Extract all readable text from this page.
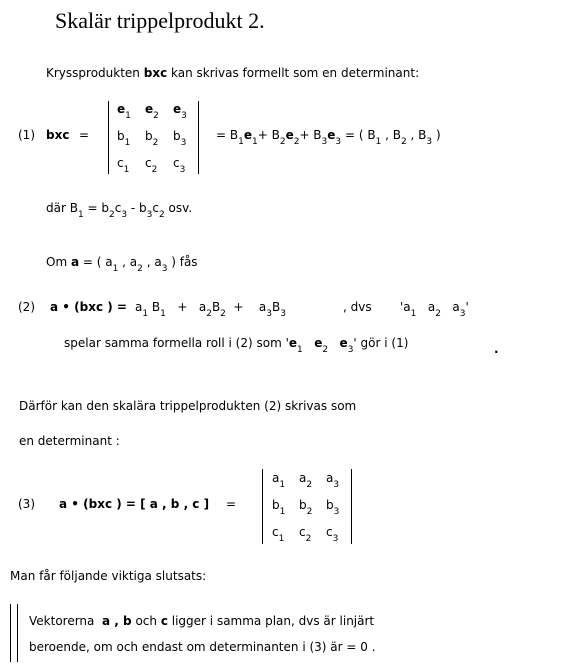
Skalär trippelprodukt 2.
Kryssprodukten bxc kan skrivas formellt som en determinant:
(1) bxc =
$e_1$	$e_2$	$e_3$
$b_1$	$b_2$	$b_3$
$c_1$	$c_2$	$c_3$
= $B_1e_1+ B_2e_2+ B_3e_3$ = ( $B_1$ , $B_2$ , $B_3$ )
där $B_1 = b_2c_3 - b_3c_2$ osv.
Om a = ( $a_1$ , $a_2$ , $a_3$ ) fås
(2) a • (bxc ) = $a_1$ $B_1 + a_2B_2$  +    $a_3B_3$	, dvs '$a_1$ $a_2$ $a_3'$
spelar samma formella roll i (2) som '$e_1$ $e_2$ $e_3'$ gör i (1)	.
Därför kan den skalära trippelprodukten (2) skrivas som
en determinant :
(3) a • (bxc ) = [ a , b , c ] =
$a_1$	$a_2$	$a_3$
$b_1$	$b_2$	$b_3$
$c_1$	$c_2$	$c_3$
Man får följande viktiga slutsats:
Vektorerna a , b och c ligger i samma plan, dvs är linjärt
beroende, om och endast om determinanten i (3) är = 0 .
